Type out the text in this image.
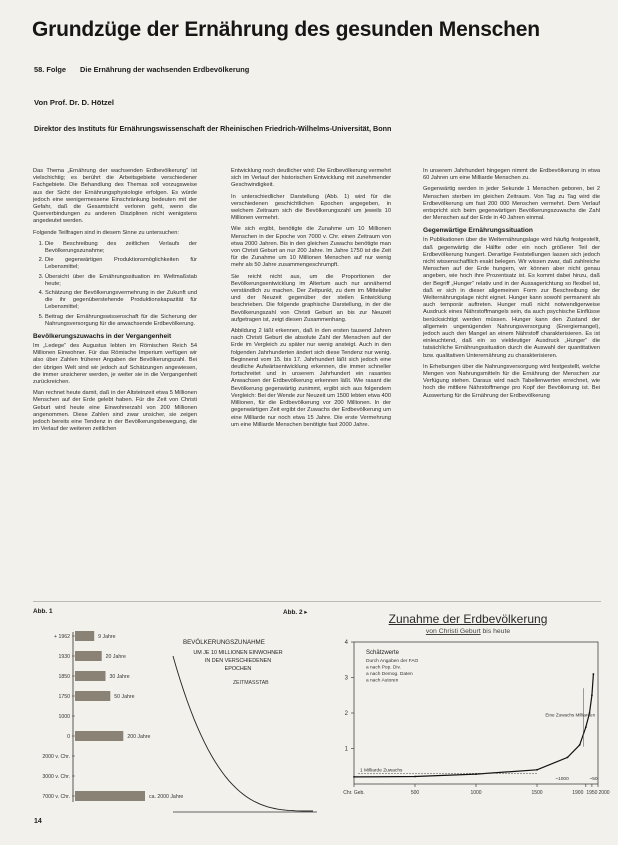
Grundzüge der Ernährung des gesunden Menschen
58. Folge Die Ernährung der wachsenden Erdbevölkerung
Von Prof. Dr. D. Hötzel
Direktor des Instituts für Ernährungswissenschaft der Rheinischen Friedrich-Wilhelms-Universität, Bonn

Das Thema „Ernährung der wachsenden Erdbevölkerung“ ist vielschichtig; es berührt die Arbeitsgebiete verschiedener Fachgebiete. Die Behandlung des Themas soll vorzugsweise aus der Sicht der Ernährungsphysiologie erfolgen. Es würde jedoch eine wenigermessene Einschränkung bedeuten mit der Gefahr, daß die Gesamtsicht verloren geht, wenn die Querverbindungen zu anderen Disziplinen nicht wenigstens angedeutet werden.

Folgende Teilfragen sind in diesem Sinne zu untersuchen:

1. Die Beschreibung des zeitlichen Verlaufs der Bevölkerungszunahme;
2. Die gegenwärtigen Produktionsmöglichkeiten für Lebensmittel;
3. Übersicht über die Ernährungssituation im Weltmaßstab heute;
4. Schätzung der Bevölkerungsvermehrung in der Zukunft und die ihr gegenüberstehende Produktionskapazität für Lebensmittel;
5. Beitrag der Ernährungswissenschaft für die Sicherung der Nahrungsversorgung für die anwachsende Erdbevölkerung.
Bevölkerungszuwachs in der Vergangenheit

Im „Ledege“ des Augustus lebten im Römischen Reich 54 Millionen Einwohner. Für das Römische Imperium verfügen wir also über Zahlen früherer Angaben der Bevölkerungszahl. Bei der übrigen Welt sind wir jedoch auf Schätzungen angewiesen, die immer unsicherer werden, je weiter sie in die Vergangenheit zurückreichen.

Man rechnet heute damit, daß in der Altsteinzeit etwa 5 Millionen Menschen auf der Erde gelebt haben. Für die Zeit von Christi Geburt wird heute eine Einwohnerzahl von 200 Millionen angenommen. Diese Zahlen sind zwar unsicher, sie zeigen jedoch bereits eine Tendenz in der Bevölkerungsbewegung, die im Verlauf der weiteren zeitlichen

Entwicklung noch deutlicher wird: Die Erdbevölkerung vermehrt sich im Verlauf der historischen Entwicklung mit zunehmender Geschwindigkeit.

In unterschiedlicher Darstellung (Abb. 1) wird für die verschiedenen geschichtlichen Epochen angegeben, in welchem Zeitraum sich die Bevölkerungszahl um jeweils 10 Millionen vermehrt.

Wie sich ergibt, benötigte die Zunahme um 10 Millionen Menschen in der Epoche von 7000 v. Chr. einen Zeitraum von etwa 2000 Jahren. Bis in den gleichen Zuwachs benötigte man von Christi Geburt an nur 200 Jahre. Im Jahre 1750 ist die Zeit für die Zunahme um 10 Millionen Menschen auf nur wenig mehr als 50 Jahre zusammengeschrumpft.

Sie reicht nicht aus, um die Proportionen der Bevölkerungsentwicklung im Altertum auch nur annähernd verständlich zu machen. Der Zeitpunkt, zu dem im Mittelalter und der Neuzeit gegenüber der steilen Entwicklung beschrieben. Die folgende graphische Darstellung, in der die Bevölkerungszahl von Christi Geburt an bis zur Neuzeit aufgetragen ist, zeigt diesen Zusammenhang.

Abbildung 2 läßt erkennen, daß in den ersten tausend Jahren nach Christi Geburt die absolute Zahl der Menschen auf der Erde im Vergleich zu später nur wenig ansteigt. Auch in den folgenden Jahrhunderten ändert sich diese Tendenz nur wenig. Beginnend vom 15. bis 17. Jahrhundert läßt sich jedoch eine deutliche Aufwärtsentwicklung erkennen, die immer schneller fortschreitet und in unserem Jahrhundert ein rasantes Anwachsen der Erdbevölkerung erkennen läßt. Wie rasant die Bevölkerung gegenwärtig zunimmt, ergibt sich aus folgendem Vergleich: Bei der Wende zur Neuzeit um 1500 lebten etwa 400 Millionen, für die Erdbevölkerung vor 200 Millionen. In der gegenwärtigen Zeit ergibt der Zuwachs der Erdbevölkerung um eine Milliarde nur noch etwa 15 Jahre. Die erste Vermehrung um eine Milliarde Menschen benötigte fast 2000 Jahre.

In unserem Jahrhundert hingegen nimmt die Erdbevölkerung in etwa 60 Jahren um eine Milliarde Menschen zu.

Gegenwärtig werden in jeder Sekunde 1 Menschen geboren, bei 2 Menschen sterben im gleichen Zeitraum. Von Tag zu Tag wird die Erdbevölkerung um fast 200 000 Menschen vermehrt. Dem Verlauf entspricht sich beim gegenwärtigen Bevölkerungszuwachs die Zahl der Menschen auf der Erde in 40 Jahren einmal.

Gegenwärtige Ernährungssituation

In Publikationen über die Welternährungslage wird häufig festgestellt, daß gegenwärtig die Hälfte oder ein noch größerer Teil der Erdbevölkerung hungert. Derartige Feststellungen lassen sich jedoch nicht wissenschaftlich exakt belegen. Wir wissen zwar, daß zahlreiche Menschen auf der Erde hungern, wir können aber nicht genau angeben, wie hoch ihre Prozentsatz ist. Es kommt dabei hinzu, daß der Begriff „Hunger“ relativ und in der Aussagerichtung so flexibel ist, daß er sich in dieser allgemeinen Form zur Beschreibung der Welternährungslage nicht eignet. Hunger kann sowohl permanent als auch temporär auftreten. Hunger muß nicht notwendigerweise Ausdruck eines Nährstoffmangels sein, da auch psychische Einflüsse berücksichtigt werden müssen. Hunger kann den Zustand der allgemein ungenügenden Nahrungsversorgung (Energiemangel), jedoch auch den Mangel an einem Nährstoff charakterisieren. Es ist einleuchtend, daß ein so vieldeutiger Ausdruck „Hunger“ die tatsächliche Ernährungssituation durch die Auswahl der quantitativen bzw. qualitativen Unterernährung zu charakterisieren.

In Erhebungen über die Nahrungsversorgung wird festgestellt, welche Mengen von Nahrungsmitteln für die Ernährung der Menschen zur Verfügung stehen. Daraus wird nach Tabellenwerten errechnet, wie hoch die mittlere Nährstoffmenge pro Kopf der Bevölkerung ist. Bei Auswertung für die Ernährung der Erdbevölkerung

Abb. 1	Abb. 2 ▸
+ 1962
1930
1850
1750
1000
0
2000 v. Chr.
3000 v. Chr.
7000 v. Chr.
9 Jahre
20 Jahre
30 Jahre
50 Jahre
200 Jahre
ca. 2000 Jahre
BEVÖLKERUNGSZUNAHME
UM JE 10 MILLIONEN EINWOHNER
IN DEN VERSCHIEDENEN
EPOCHEN
ZEITMASSTAB
Zunahme der Erdbevölkerung
von Christi Geburt bis heute
4
3
2
1
Chr. Geb.	500	1000	1500	1900 1950 2000
Schätzwerte
Durch Angaben der FAO
a nach Pop. Div.
a nach Demog. Daten
a nach Autoren
1 Milliarde Zuwachs
Eine Zuwachs Milliarden
~1000	~50
14
